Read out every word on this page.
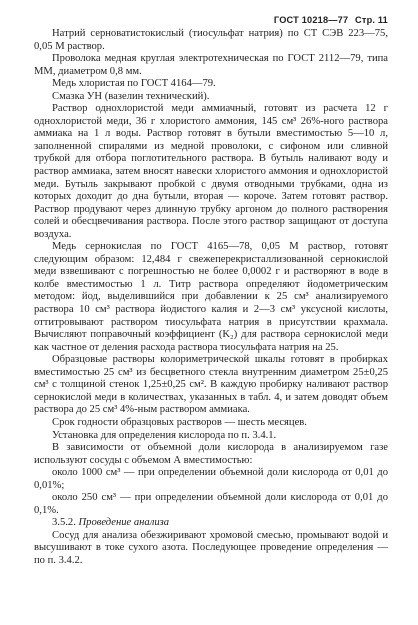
ГОСТ 10218—77 Стр. 11

Натрий серноватистокислый (тиосульфат натрия) по СТ СЭВ 223—75, 0,05 М раствор.

Проволока медная круглая электротехническая по ГОСТ 2112—79, типа ММ, диаметром 0,8 мм.

Медь хлористая по ГОСТ 4164—79.

Смазка УН (вазелин технический).

Раствор однохлористой меди аммиачный, готовят из расчета 12 г однохлористой меди, 36 г хлористого аммония, 145 см³ 26%-ного раствора аммиака на 1 л воды. Раствор готовят в бутыли вместимостью 5—10 л, заполненной спиралями из медной проволоки, с сифоном или сливной трубкой для отбора поглотительного раствора. В бутыль наливают воду и раствор аммиака, затем вносят навески хлористого аммония и однохлористой меди. Бутыль закрывают пробкой с двумя отводными трубками, одна из которых доходит до дна бутыли, вторая — короче. Затем готовят раствор. Раствор продувают через длинную трубку аргоном до полного растворения солей и обесцвечивания раствора. После этого раствор защищают от доступа воздуха.

Медь сернокислая по ГОСТ 4165—78, 0,05 М раствор, готовят следующим образом: 12,484 г свежеперекристаллизованной сернокислой меди взвешивают с погрешностью не более 0,0002 г и растворяют в воде в колбе вместимостью 1 л. Титр раствора определяют йодометрическим методом: йод, выделившийся при добавлении к 25 см³ анализируемого раствора 10 см³ раствора йодистого калия и 2—3 см³ уксусной кислоты, оттитровывают раствором тиосульфата натрия в присутствии крахмала. Вычисляют поправочный коэффициент (K₂) для раствора сернокислой меди как частное от деления расхода раствора тиосульфата натрия на 25.

Образцовые растворы колориметрической шкалы готовят в пробирках вместимостью 25 см³ из бесцветного стекла внутренним диаметром 25±0,25 см³ с толщиной стенок 1,25±0,25 см². В каждую пробирку наливают раствор сернокислой меди в количествах, указанных в табл. 4, и затем доводят объем раствора до 25 см³ 4%-ным раствором аммиака.

Срок годности образцовых растворов — шесть месяцев.

Установка для определения кислорода по п. 3.4.1.

В зависимости от объемной доли кислорода в анализируемом газе используют сосуды с объемом А вместимостью:

около 1000 см³ — при определении объемной доли кислорода от 0,01 до 0,01%;

около 250 см³ — при определении объемной доли кислорода от 0,01 до 0,1%.

3.5.2. Проведение анализа

Сосуд для анализа обезжиривают хромовой смесью, промывают водой и высушивают в токе сухого азота. Последующее проведение определения — по п. 3.4.2.
